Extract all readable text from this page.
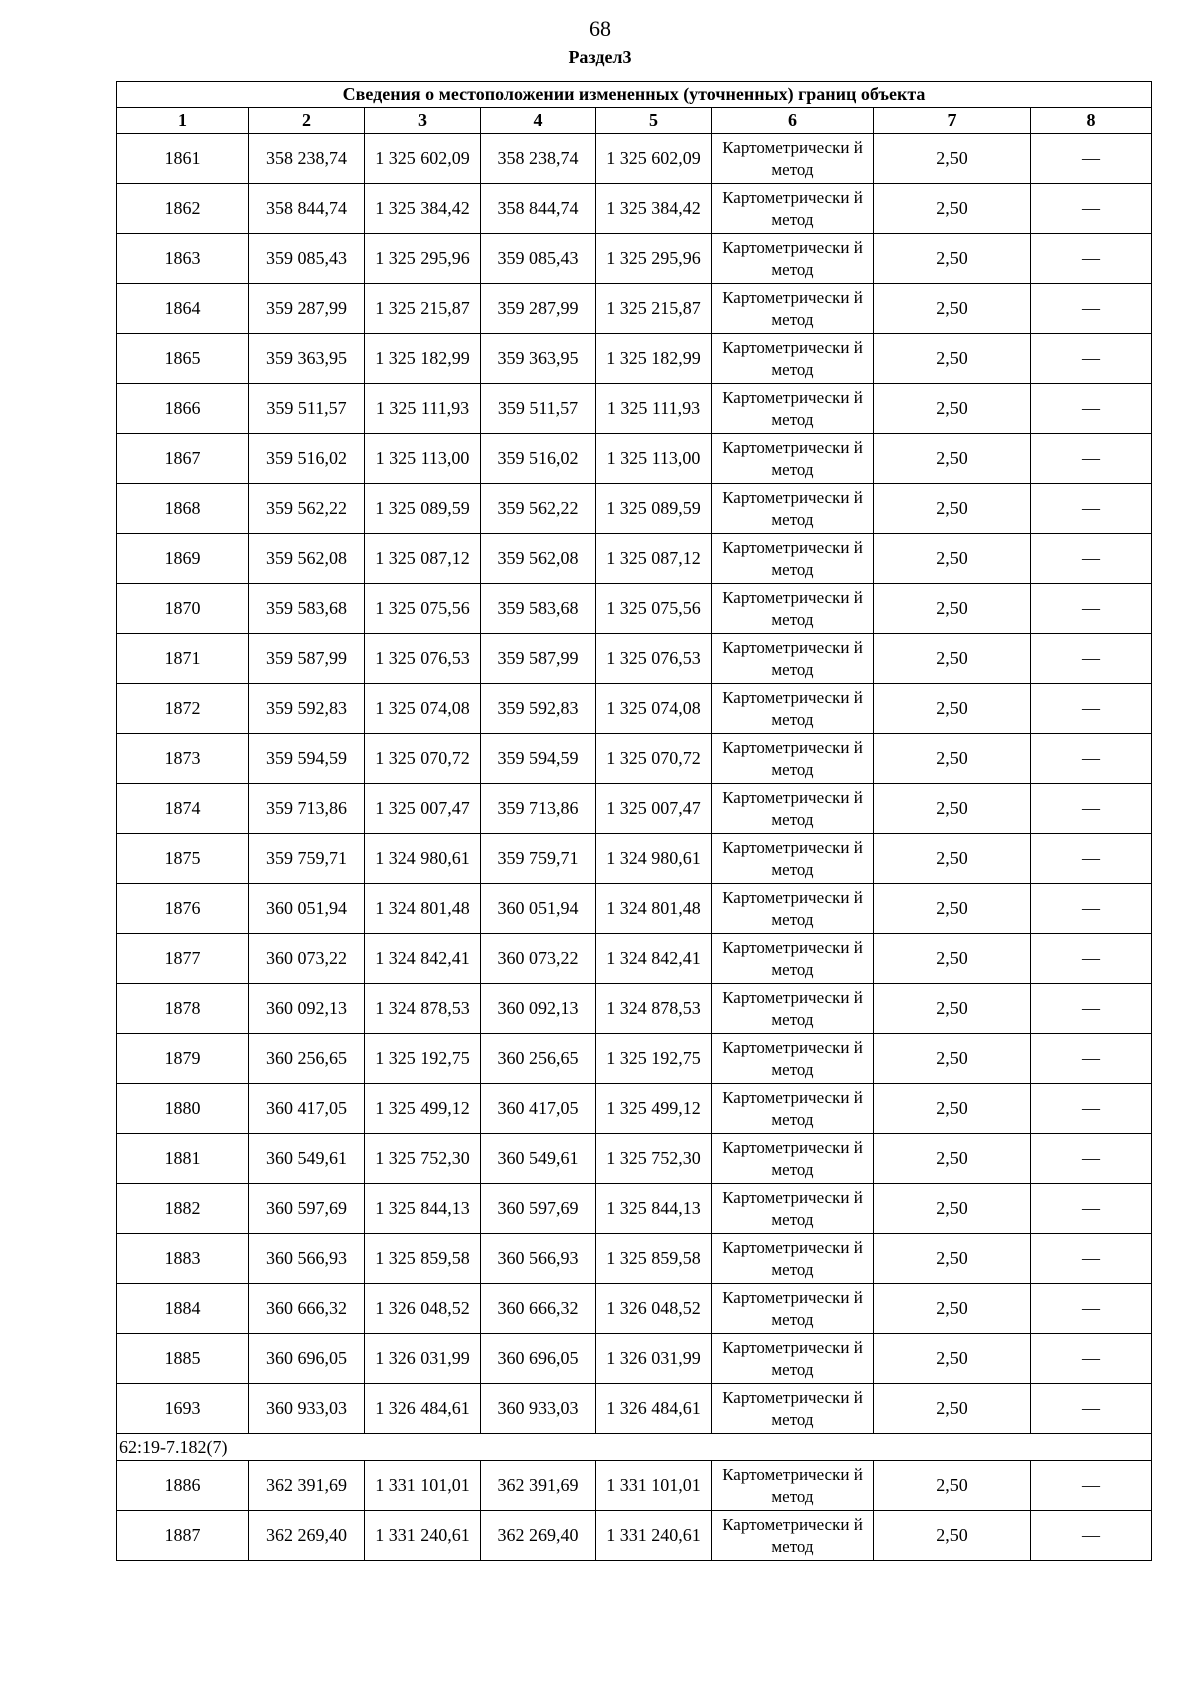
68
Раздел3
Сведения о местоположении измененных (уточненных) границ объекта							
1	2	3	4	5	6	7	8
1861	358 238,74	1 325 602,09	358 238,74	1 325 602,09	Картометрически й метод	2,50	—
1862	358 844,74	1 325 384,42	358 844,74	1 325 384,42	Картометрически й метод	2,50	—
1863	359 085,43	1 325 295,96	359 085,43	1 325 295,96	Картометрически й метод	2,50	—
1864	359 287,99	1 325 215,87	359 287,99	1 325 215,87	Картометрически й метод	2,50	—
1865	359 363,95	1 325 182,99	359 363,95	1 325 182,99	Картометрически й метод	2,50	—
1866	359 511,57	1 325 111,93	359 511,57	1 325 111,93	Картометрически й метод	2,50	—
1867	359 516,02	1 325 113,00	359 516,02	1 325 113,00	Картометрически й метод	2,50	—
1868	359 562,22	1 325 089,59	359 562,22	1 325 089,59	Картометрически й метод	2,50	—
1869	359 562,08	1 325 087,12	359 562,08	1 325 087,12	Картометрически й метод	2,50	—
1870	359 583,68	1 325 075,56	359 583,68	1 325 075,56	Картометрически й метод	2,50	—
1871	359 587,99	1 325 076,53	359 587,99	1 325 076,53	Картометрически й метод	2,50	—
1872	359 592,83	1 325 074,08	359 592,83	1 325 074,08	Картометрически й метод	2,50	—
1873	359 594,59	1 325 070,72	359 594,59	1 325 070,72	Картометрически й метод	2,50	—
1874	359 713,86	1 325 007,47	359 713,86	1 325 007,47	Картометрически й метод	2,50	—
1875	359 759,71	1 324 980,61	359 759,71	1 324 980,61	Картометрически й метод	2,50	—
1876	360 051,94	1 324 801,48	360 051,94	1 324 801,48	Картометрически й метод	2,50	—
1877	360 073,22	1 324 842,41	360 073,22	1 324 842,41	Картометрически й метод	2,50	—
1878	360 092,13	1 324 878,53	360 092,13	1 324 878,53	Картометрически й метод	2,50	—
1879	360 256,65	1 325 192,75	360 256,65	1 325 192,75	Картометрически й метод	2,50	—
1880	360 417,05	1 325 499,12	360 417,05	1 325 499,12	Картометрически й метод	2,50	—
1881	360 549,61	1 325 752,30	360 549,61	1 325 752,30	Картометрически й метод	2,50	—
1882	360 597,69	1 325 844,13	360 597,69	1 325 844,13	Картометрически й метод	2,50	—
1883	360 566,93	1 325 859,58	360 566,93	1 325 859,58	Картометрически й метод	2,50	—
1884	360 666,32	1 326 048,52	360 666,32	1 326 048,52	Картометрически й метод	2,50	—
1885	360 696,05	1 326 031,99	360 696,05	1 326 031,99	Картометрически й метод	2,50	—
1693	360 933,03	1 326 484,61	360 933,03	1 326 484,61	Картометрически й метод	2,50	—
62:19-7.182(7)							
1886	362 391,69	1 331 101,01	362 391,69	1 331 101,01	Картометрически й метод	2,50	—
1887	362 269,40	1 331 240,61	362 269,40	1 331 240,61	Картометрически й метод	2,50	—
